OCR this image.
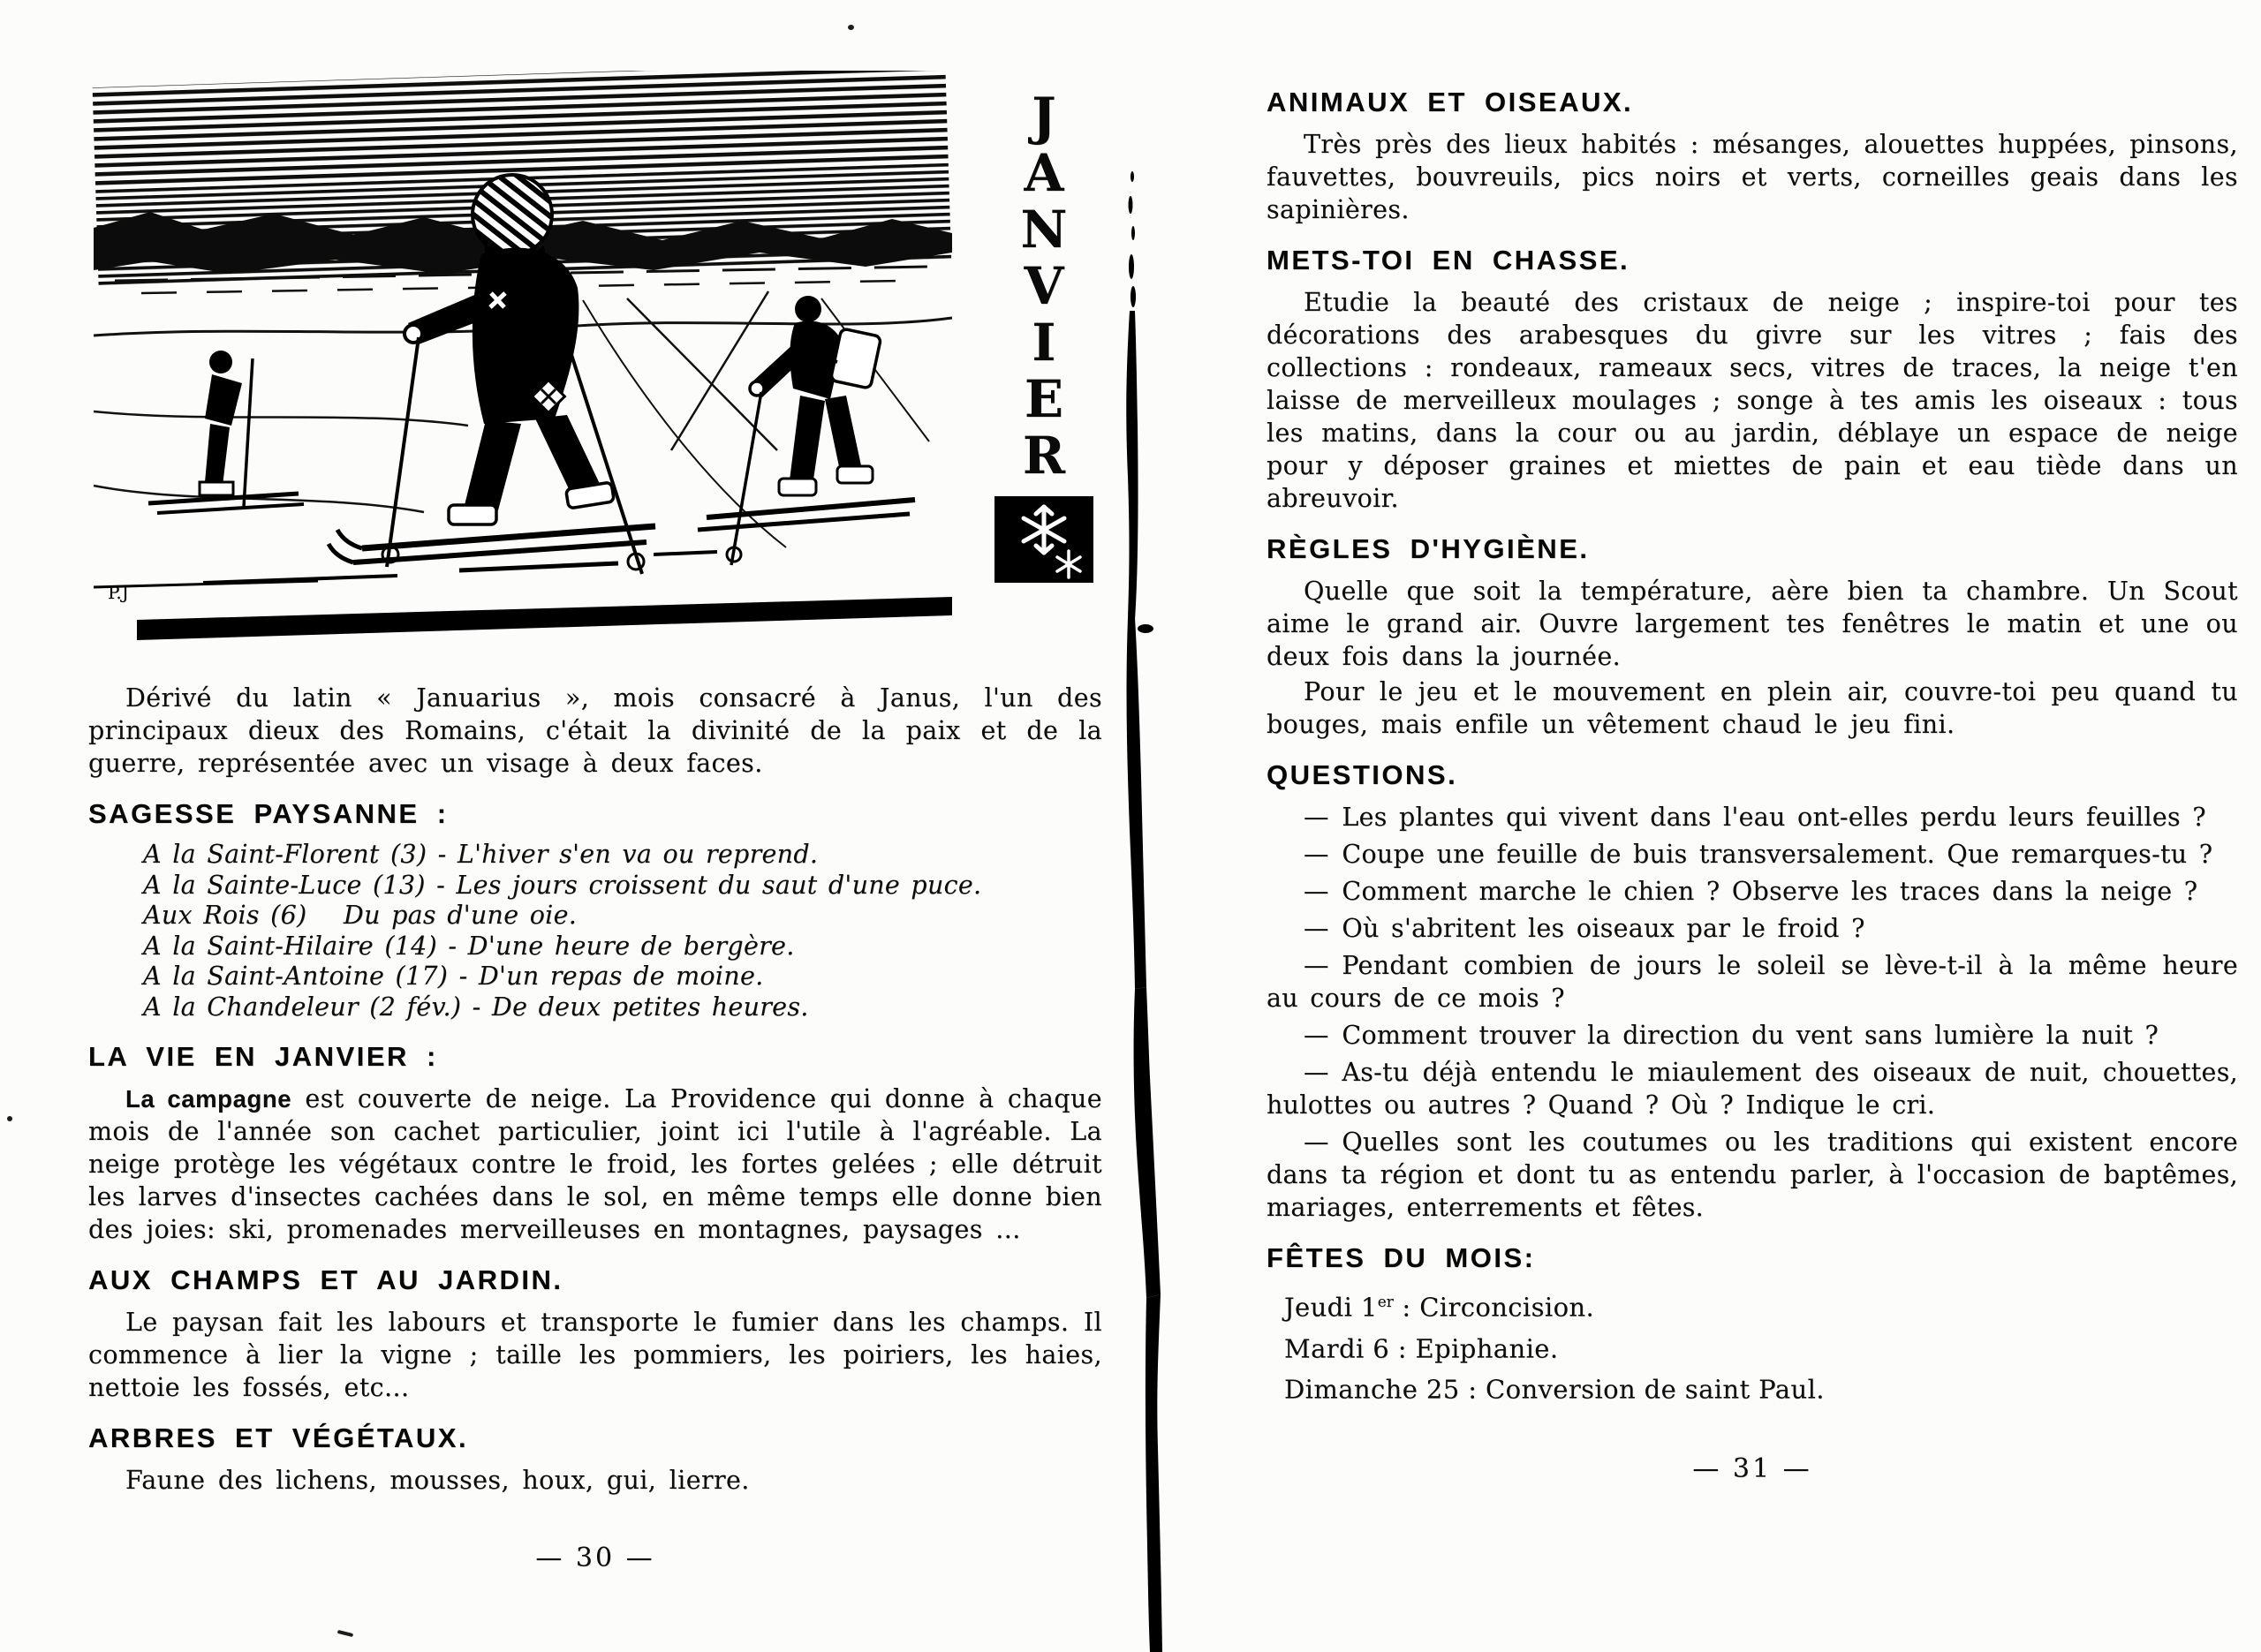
P.J
JANVIER

Dérivé du latin « Januarius », mois consacré à Janus, l'un des principaux dieux des Romains, c'était la divinité de la paix et de la guerre, représentée avec un visage à deux faces.

SAGESSE PAYSANNE :

A la Saint-Florent (3) - L'hiver s'en va ou reprend.

A la Sainte-Luce (13) - Les jours croissent du saut d'une puce.

Aux Rois (6)   Du pas d'une oie.

A la Saint-Hilaire (14) - D'une heure de bergère.

A la Saint-Antoine (17) - D'un repas de moine.

A la Chandeleur (2 fév.) - De deux petites heures.

LA VIE EN JANVIER :

La campagne est couverte de neige. La Providence qui donne à chaque mois de l'année son cachet particulier, joint ici l'utile à l'agréable. La neige protège les végétaux contre le froid, les fortes gelées ; elle détruit les larves d'insectes cachées dans le sol, en même temps elle donne bien des joies: ski, promenades merveilleuses en montagnes, paysages ...

AUX CHAMPS ET AU JARDIN.

Le paysan fait les labours et transporte le fumier dans les champs. Il commence à lier la vigne ; taille les pommiers, les poiriers, les haies, nettoie les fossés, etc...

ARBRES ET VÉGÉTAUX.

Faune des lichens, mousses, houx, gui, lierre.

— 30 —
ANIMAUX ET OISEAUX.

Très près des lieux habités : mésanges, alouettes huppées, pinsons, fauvettes, bouvreuils, pics noirs et verts, corneilles geais dans les sapinières.

METS-TOI EN CHASSE.

Etudie la beauté des cristaux de neige ; inspire-toi pour tes décorations des arabesques du givre sur les vitres ; fais des collections : rondeaux, rameaux secs, vitres de traces, la neige t'en laisse de merveilleux moulages ; songe à tes amis les oiseaux : tous les matins, dans la cour ou au jardin, déblaye un espace de neige pour y déposer graines et miettes de pain et eau tiède dans un abreuvoir.

RÈGLES D'HYGIÈNE.

Quelle que soit la température, aère bien ta chambre. Un Scout aime le grand air. Ouvre largement tes fenêtres le matin et une ou deux fois dans la journée.

Pour le jeu et le mouvement en plein air, couvre-toi peu quand tu bouges, mais enfile un vêtement chaud le jeu fini.

QUESTIONS.

— Les plantes qui vivent dans l'eau ont-elles perdu leurs feuilles ?

— Coupe une feuille de buis transversalement. Que remarques-tu ?

— Comment marche le chien ? Observe les traces dans la neige ?

— Où s'abritent les oiseaux par le froid ?

— Pendant combien de jours le soleil se lève-t-il à la même heure au cours de ce mois ?

— Comment trouver la direction du vent sans lumière la nuit ?

— As-tu déjà entendu le miaulement des oiseaux de nuit, chouettes, hulottes ou autres ? Quand ? Où ? Indique le cri.

— Quelles sont les coutumes ou les traditions qui existent encore dans ta région et dont tu as entendu parler, à l'occasion de baptêmes, mariages, enterrements et fêtes.

FÊTES DU MOIS:

Jeudi 1er : Circoncision.

Mardi 6 : Epiphanie.

Dimanche 25 : Conversion de saint Paul.

— 31 —
